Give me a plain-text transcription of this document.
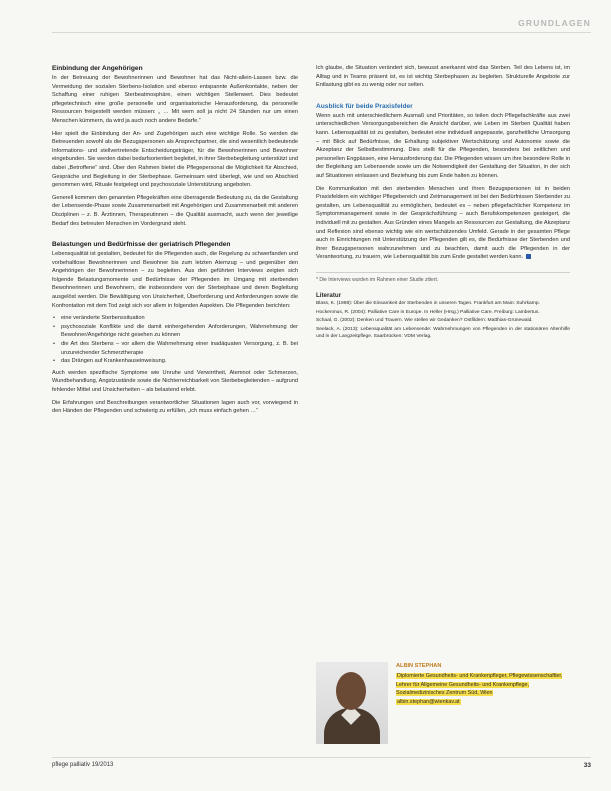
GRUNDLAGEN
Einbindung der Angehörigen

In der Betreuung der Bewohnerinnen und Bewohner hat das Nicht-allein-Lassen bzw. die Vermeidung der sozialen Sterbens-Isolation und ebenso entspannte Außenkontakte, neben der Schaffung einer ruhigen Sterbeatmosphäre, einen wichtigen Stellenwert. Dies bedeutet pflegetechnisch eine große personelle und organisatorische Herausforderung, da personelle Ressourcen freigestellt werden müssen: „ … Mit wem soll ja nicht 24 Stunden nur um einen Menschen kümmern, da wird ja auch noch andere Bedarfe.“

Hier spielt die Einbindung der An- und Zugehörigen auch eine wichtige Rolle. So werden die Betreuenden sowohl als die Bezugspersonen als Ansprechpartner, die sind wesentlich bedeutende Informations- und stellvertretende Entscheidungsträger, für die Bewohnerinnen und Bewohner eingebunden. Sie werden dabei bedarfsorientiert begleitet, in ihrer Sterbebegleitung unterstützt und dabei „Betroffene“ sind. Über den Rahmen bietet die Pflegepersonal die Möglichkeit für Abschied, Gespräche und Begleitung in der Sterbephase. Gemeinsam wird überlegt, wie und wo Abschied genommen wird, Rituale festgelegt und psychosoziale Unterstützung angeboten.

Generell kommen den genannten Pflegekräften eine überragende Bedeutung zu, da die Gestaltung der Lebensende-Phase sowie Zusammenarbeit mit Angehörigen und Zusammenarbeit mit anderen Disziplinen – z. B. Ärztinnen, Therapeutinnen – die Qualität ausmacht, auch wenn der jeweilige Bedarf des betreuten Menschen im Vordergrund steht.

Belastungen und Bedürfnisse der geriatrisch Pflegenden

Lebensqualität ist gestalten, bedeutet für die Pflegenden auch, die Regelung zu schwerfanden und vorbehaltlose Bewohnerinnen und Bewohner bis zum letzten Atemzug – und gegenüber den Angehörigen der Bewohnerinnen – zu begleiten. Aus den geführten Interviews zeigten sich folgende Belastungsmomente und Bedürfnisse der Pflegenden im Umgang mit sterbenden Bewohnerinnen und Bewohnern, die insbesondere von der Sterbephase und deren Begleitung ausgelöst werden. Die Bewältigung von Unsicherheit, Überforderung und Anforderungen sowie die Konfrontation mit dem Tod zeigt sich vor allem in folgenden Aspekten. Die Pflegenden berichten:

• eine veränderte Sterbenssituation
• psychosoziale Konflikte und die damit einhergehenden Anforderungen, Wahrnehmung der Bewohner/Angehörige nicht gesehen zu können
• die Art des Sterbens – vor allem die Wahrnehmung einer inadäquaten Versorgung, z. B. bei unzureichender Schmerztherapie
• das Drängen auf Krankenhauseinweisung.

Auch werden spezifische Symptome wie Unruhe und Verwirrtheit, Atemnot oder Schmerzen, Wundbehandlung, Angstzustände sowie die Nichterreichbarkeit von Sterbebegleitenden – aufgrund fehlender Mittel und Unsicherheiten – als belastend erlebt.

Die Erfahrungen und Beschreibungen verantwortlicher Situationen lagen auch vor, vorwiegend in den Händen der Pflegenden und schwierig zu erfüllen, „ich muss einfach gehen …“

Ich glaube, die Situation verändert sich, bewusst anerkannt wird das Sterben. Teil des Lebens ist, im Alltag und in Teams präsent ist, es ist wichtig Sterbephasen zu begleiten. Strukturelle Angebote zur Entlastung gibt es zu wenig oder nur selten.

Ausblick für beide Praxisfelder

Wenn auch mit unterschiedlichem Ausmaß und Prioritäten, so teilen doch Pflegefachkräfte aus zwei unterschiedlichen Versorgungsbereichen die Ansicht darüber, wie Leben im Sterben Qualität haben kann. Lebensqualität ist zu gestalten, bedeutet eine individuell angepasste, ganzheitliche Umsorgung – mit Blick auf Bedürfnisse, die Erhaltung subjektiver Wertschätzung und Autonomie sowie die Akzeptanz der Selbstbestimmung. Dies stellt für die Pflegenden, besonders bei zeitlichen und personellen Engpässen, eine Herausforderung dar. Die Pflegenden wissen um ihre besondere Rolle in der Begleitung am Lebensende sowie um die Notwendigkeit der Gestaltung der Situation, in der sich auf Situationen einlassen und Beziehung bis zum Ende halten zu können.

Die Kommunikation mit den sterbenden Menschen und ihren Bezugspersonen ist in beiden Praxisfeldern ein wichtiger Pflegebereich und Zeitmanagement ist bei den Bedürfnissen Sterbender zu gestalten, um Lebensqualität zu ermöglichen, bedeutet es – neben pflegefachlicher Kompetenz im Symptommanagement sowie in der Gesprächsführung – auch Berufskompetenzen gesteigert, die individuell mit zu gestalten. Aus Gründen eines Mangels an Ressourcen zur Gestaltung, die Akzeptanz und Reflexion sind ebenso wichtig wie ein wertschätzendes Umfeld. Gerade in der gesamten Pflege auch in Einrichtungen mit Unterstützung der Pflegenden gilt es, die Bedürfnisse der Sterbenden und ihrer Bezugspersonen wahrzunehmen und zu beachten, damit auch die Pflegenden in der Verantwortung, zu trauern, wie Lebensqualität bis zum Ende gestaltet werden kann.

* Die Interviews wurden im Rahmen einer Studie zitiert.
Literatur
Blass, K. (1998): Über die Einsamkeit der Sterbenden in unseren Tagen. Frankfurt am Main: Suhrkamp.
Hockenmus, R. (2004): Palliative Care in Europe. In Heller (Hrsg.) Palliative Care. Freiburg: Lambertus.
Schaal, G. (2002): Denken und Trauern. Wie stellen wir Gedanken? Ostfildern: Matthias-Grünewald.
Seelack, A. (2013): Lebensqualität am Lebensende: Wahrnehmungen von Pflegenden in der stationären Altenhilfe und in der Langzeitpflege. Saarbrücken: VDM Verlag.
ALBIN STEPHAN
Diplomierte Gesundheits- und Krankenpfleger, Pflegewissenschaftler, Lehrer für Allgemeine Gesundheits- und Krankenpflege, Sozialmedizinisches Zentrum Süd, Wien
albin.stephan@wienkav.at
pflege palliativ 19/2013	33
